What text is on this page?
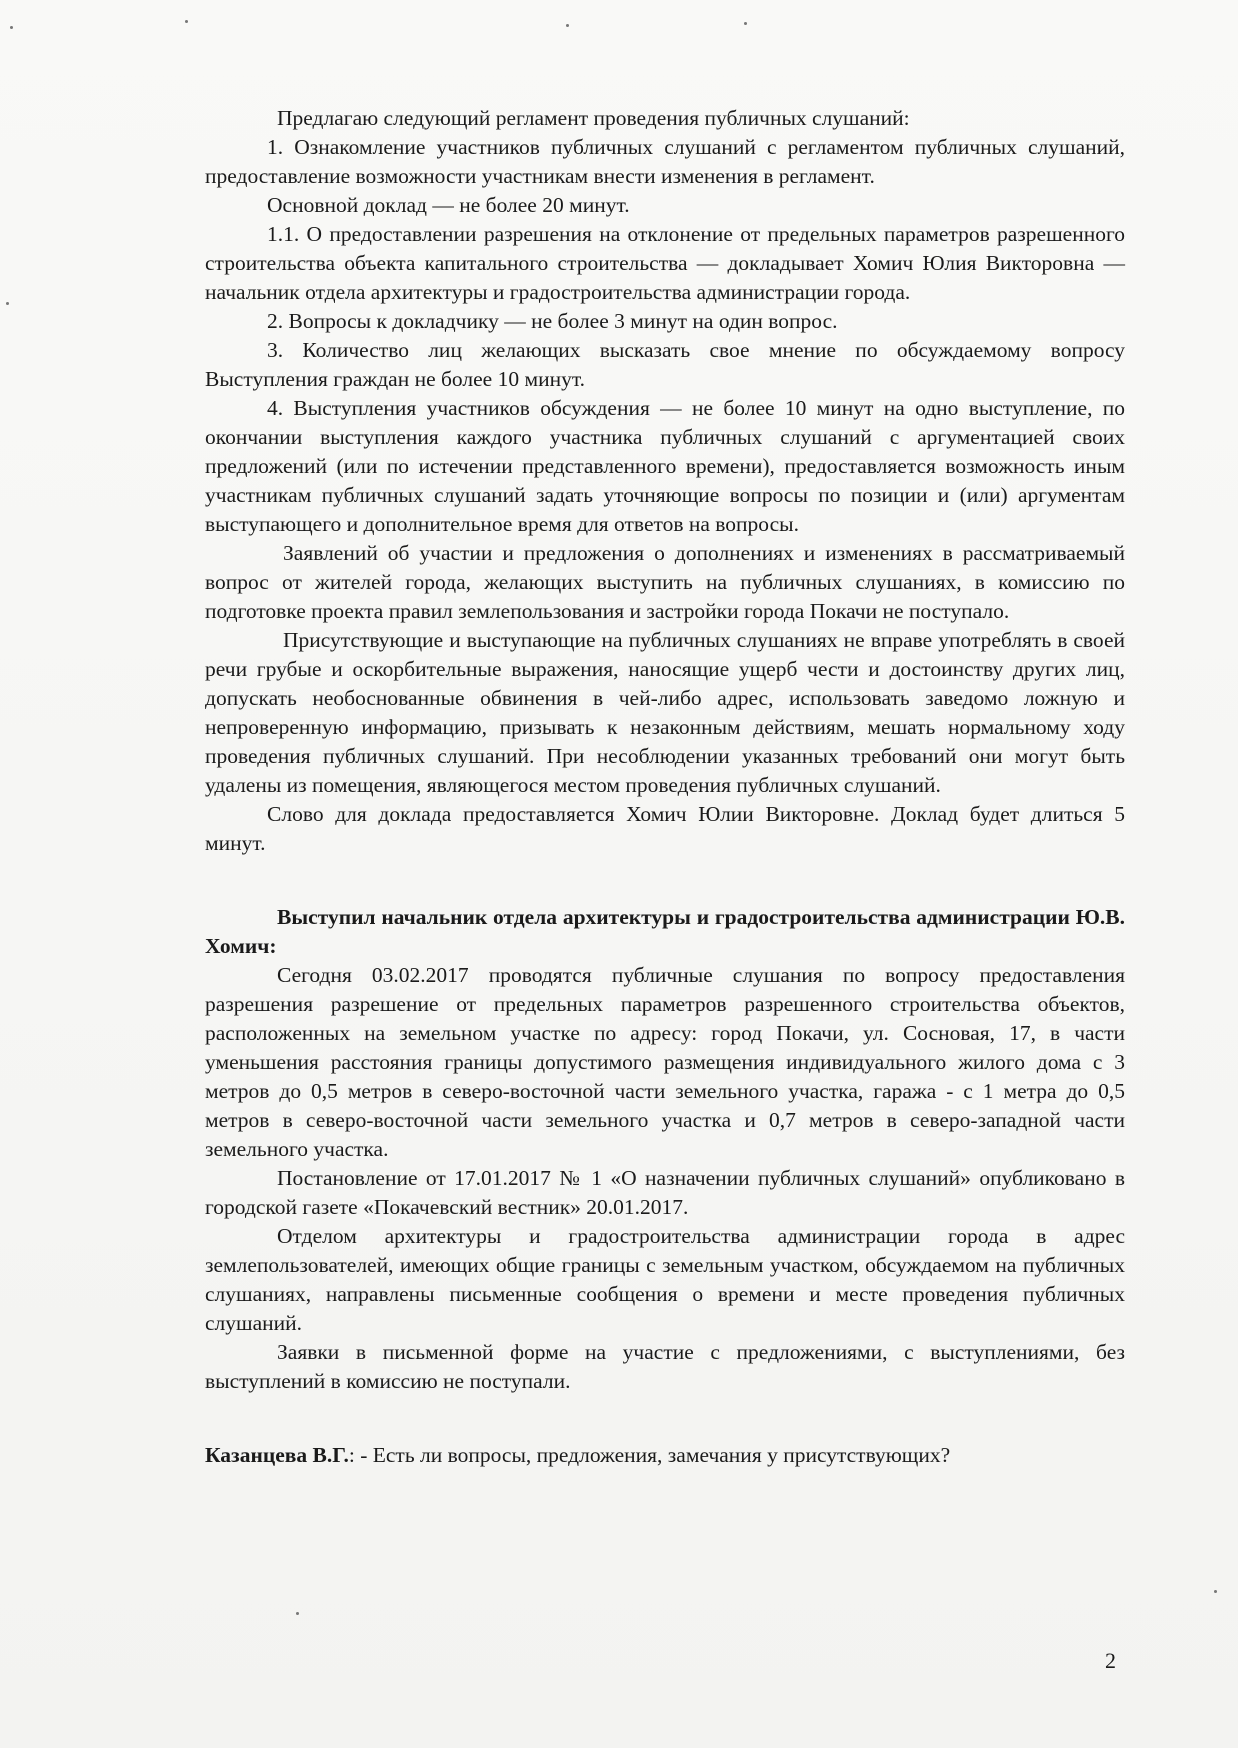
Предлагаю следующий регламент проведения публичных слушаний:

1. Ознакомление участников публичных слушаний с регламентом публичных слушаний, предоставление возможности участникам внести изменения в регламент.

Основной доклад — не более 20 минут.

1.1. О предоставлении разрешения на отклонение от предельных параметров разрешенного строительства объекта капитального строительства — докладывает Хомич Юлия Викторовна — начальник отдела архитектуры и градостроительства администрации города.

2. Вопросы к докладчику — не более 3 минут на один вопрос.

3. Количество лиц желающих высказать свое мнение по обсуждаемому вопросу Выступления граждан не более 10 минут.

4. Выступления участников обсуждения — не более 10 минут на одно выступление, по окончании выступления каждого участника публичных слушаний с аргументацией своих предложений (или по истечении представленного времени), предоставляется возможность иным участникам публичных слушаний задать уточняющие вопросы по позиции и (или) аргументам выступающего и дополнительное время для ответов на вопросы.

Заявлений об участии и предложения о дополнениях и изменениях в рассматриваемый вопрос от жителей города, желающих выступить на публичных слушаниях, в комиссию по подготовке проекта правил землепользования и застройки города Покачи не поступало.

Присутствующие и выступающие на публичных слушаниях не вправе употреблять в своей речи грубые и оскорбительные выражения, наносящие ущерб чести и достоинству других лиц, допускать необоснованные обвинения в чей-либо адрес, использовать заведомо ложную и непроверенную информацию, призывать к незаконным действиям, мешать нормальному ходу проведения публичных слушаний. При несоблюдении указанных требований они могут быть удалены из помещения, являющегося местом проведения публичных слушаний.

Слово для доклада предоставляется Хомич Юлии Викторовне. Доклад будет длиться 5 минут.

Выступил начальник отдела архитектуры и градостроительства администрации Ю.В. Хомич:

Сегодня 03.02.2017 проводятся публичные слушания по вопросу предоставления разрешения разрешение от предельных параметров разрешенного строительства объектов, расположенных на земельном участке по адресу: город Покачи, ул. Сосновая, 17, в части уменьшения расстояния границы допустимого размещения индивидуального жилого дома с 3 метров до 0,5 метров в северо-восточной части земельного участка, гаража - с 1 метра до 0,5 метров в северо-восточной части земельного участка и 0,7 метров в северо-западной части земельного участка.

Постановление от 17.01.2017 № 1 «О назначении публичных слушаний» опубликовано в городской газете «Покачевский вестник» 20.01.2017.

Отделом архитектуры и градостроительства администрации города в адрес землепользователей, имеющих общие границы с земельным участком, обсуждаемом на публичных слушаниях, направлены письменные сообщения о времени и месте проведения публичных слушаний.

Заявки в письменной форме на участие с предложениями, с выступлениями, без выступлений в комиссию не поступали.

Казанцева В.Г.: - Есть ли вопросы, предложения, замечания у присутствующих?

2
